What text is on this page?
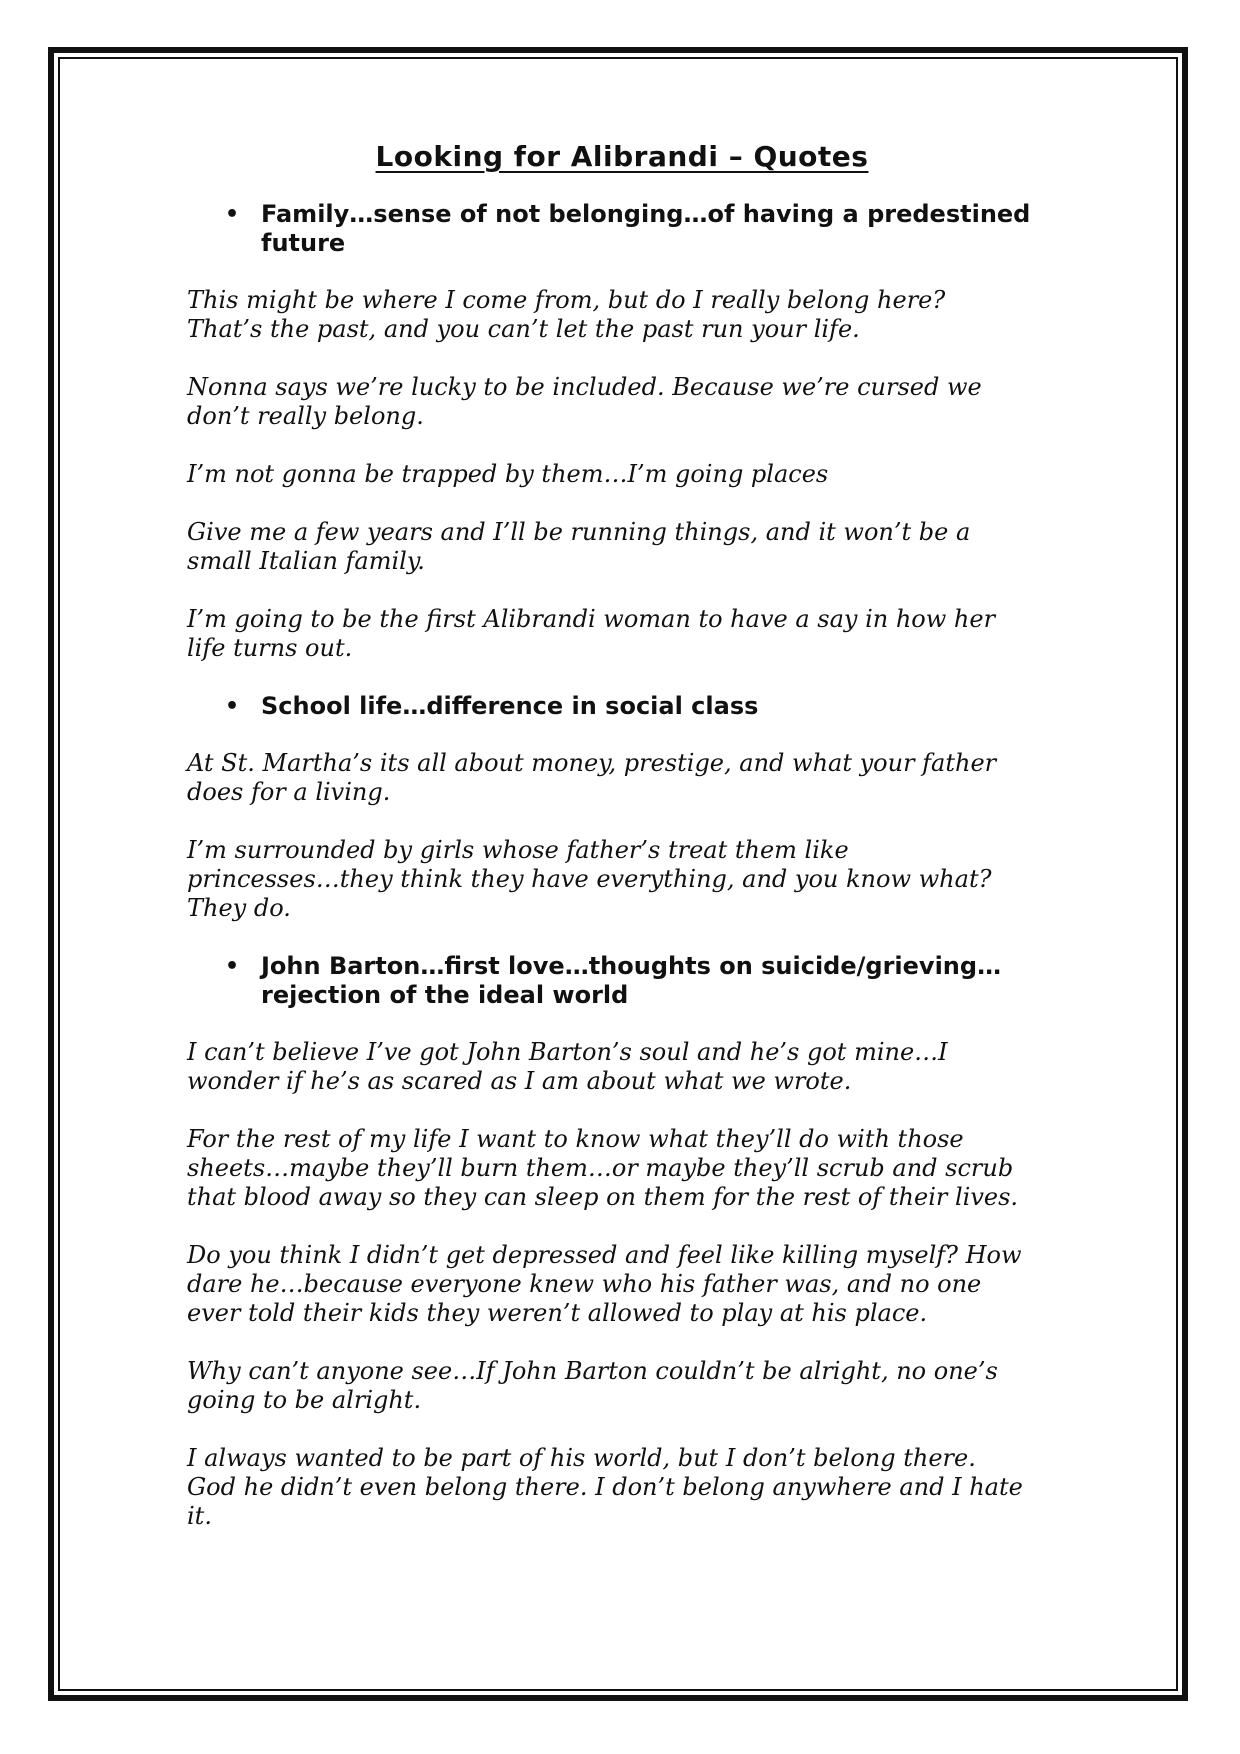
Looking for Alibrandi – Quotes
• Family…sense of not belonging…of having a predestined future

This might be where I come from, but do I really belong here?
That’s the past, and you can’t let the past run your life.

Nonna says we’re lucky to be included. Because we’re cursed we
don’t really belong.

I’m not gonna be trapped by them…I’m going places

Give me a few years and I’ll be running things, and it won’t be a
small Italian family.

I’m going to be the first Alibrandi woman to have a say in how her
life turns out.

• School life…difference in social class

At St. Martha’s its all about money, prestige, and what your father
does for a living.

I’m surrounded by girls whose father’s treat them like
princesses…they think they have everything, and you know what?
They do.

• John Barton…first love…thoughts on suicide/grieving…rejection of the ideal world

I can’t believe I’ve got John Barton’s soul and he’s got mine…I
wonder if he’s as scared as I am about what we wrote.

For the rest of my life I want to know what they’ll do with those
sheets…maybe they’ll burn them…or maybe they’ll scrub and scrub
that blood away so they can sleep on them for the rest of their lives.

Do you think I didn’t get depressed and feel like killing myself? How
dare he…because everyone knew who his father was, and no one
ever told their kids they weren’t allowed to play at his place.

Why can’t anyone see…If John Barton couldn’t be alright, no one’s
going to be alright.

I always wanted to be part of his world, but I don’t belong there.
God he didn’t even belong there. I don’t belong anywhere and I hate
it.
